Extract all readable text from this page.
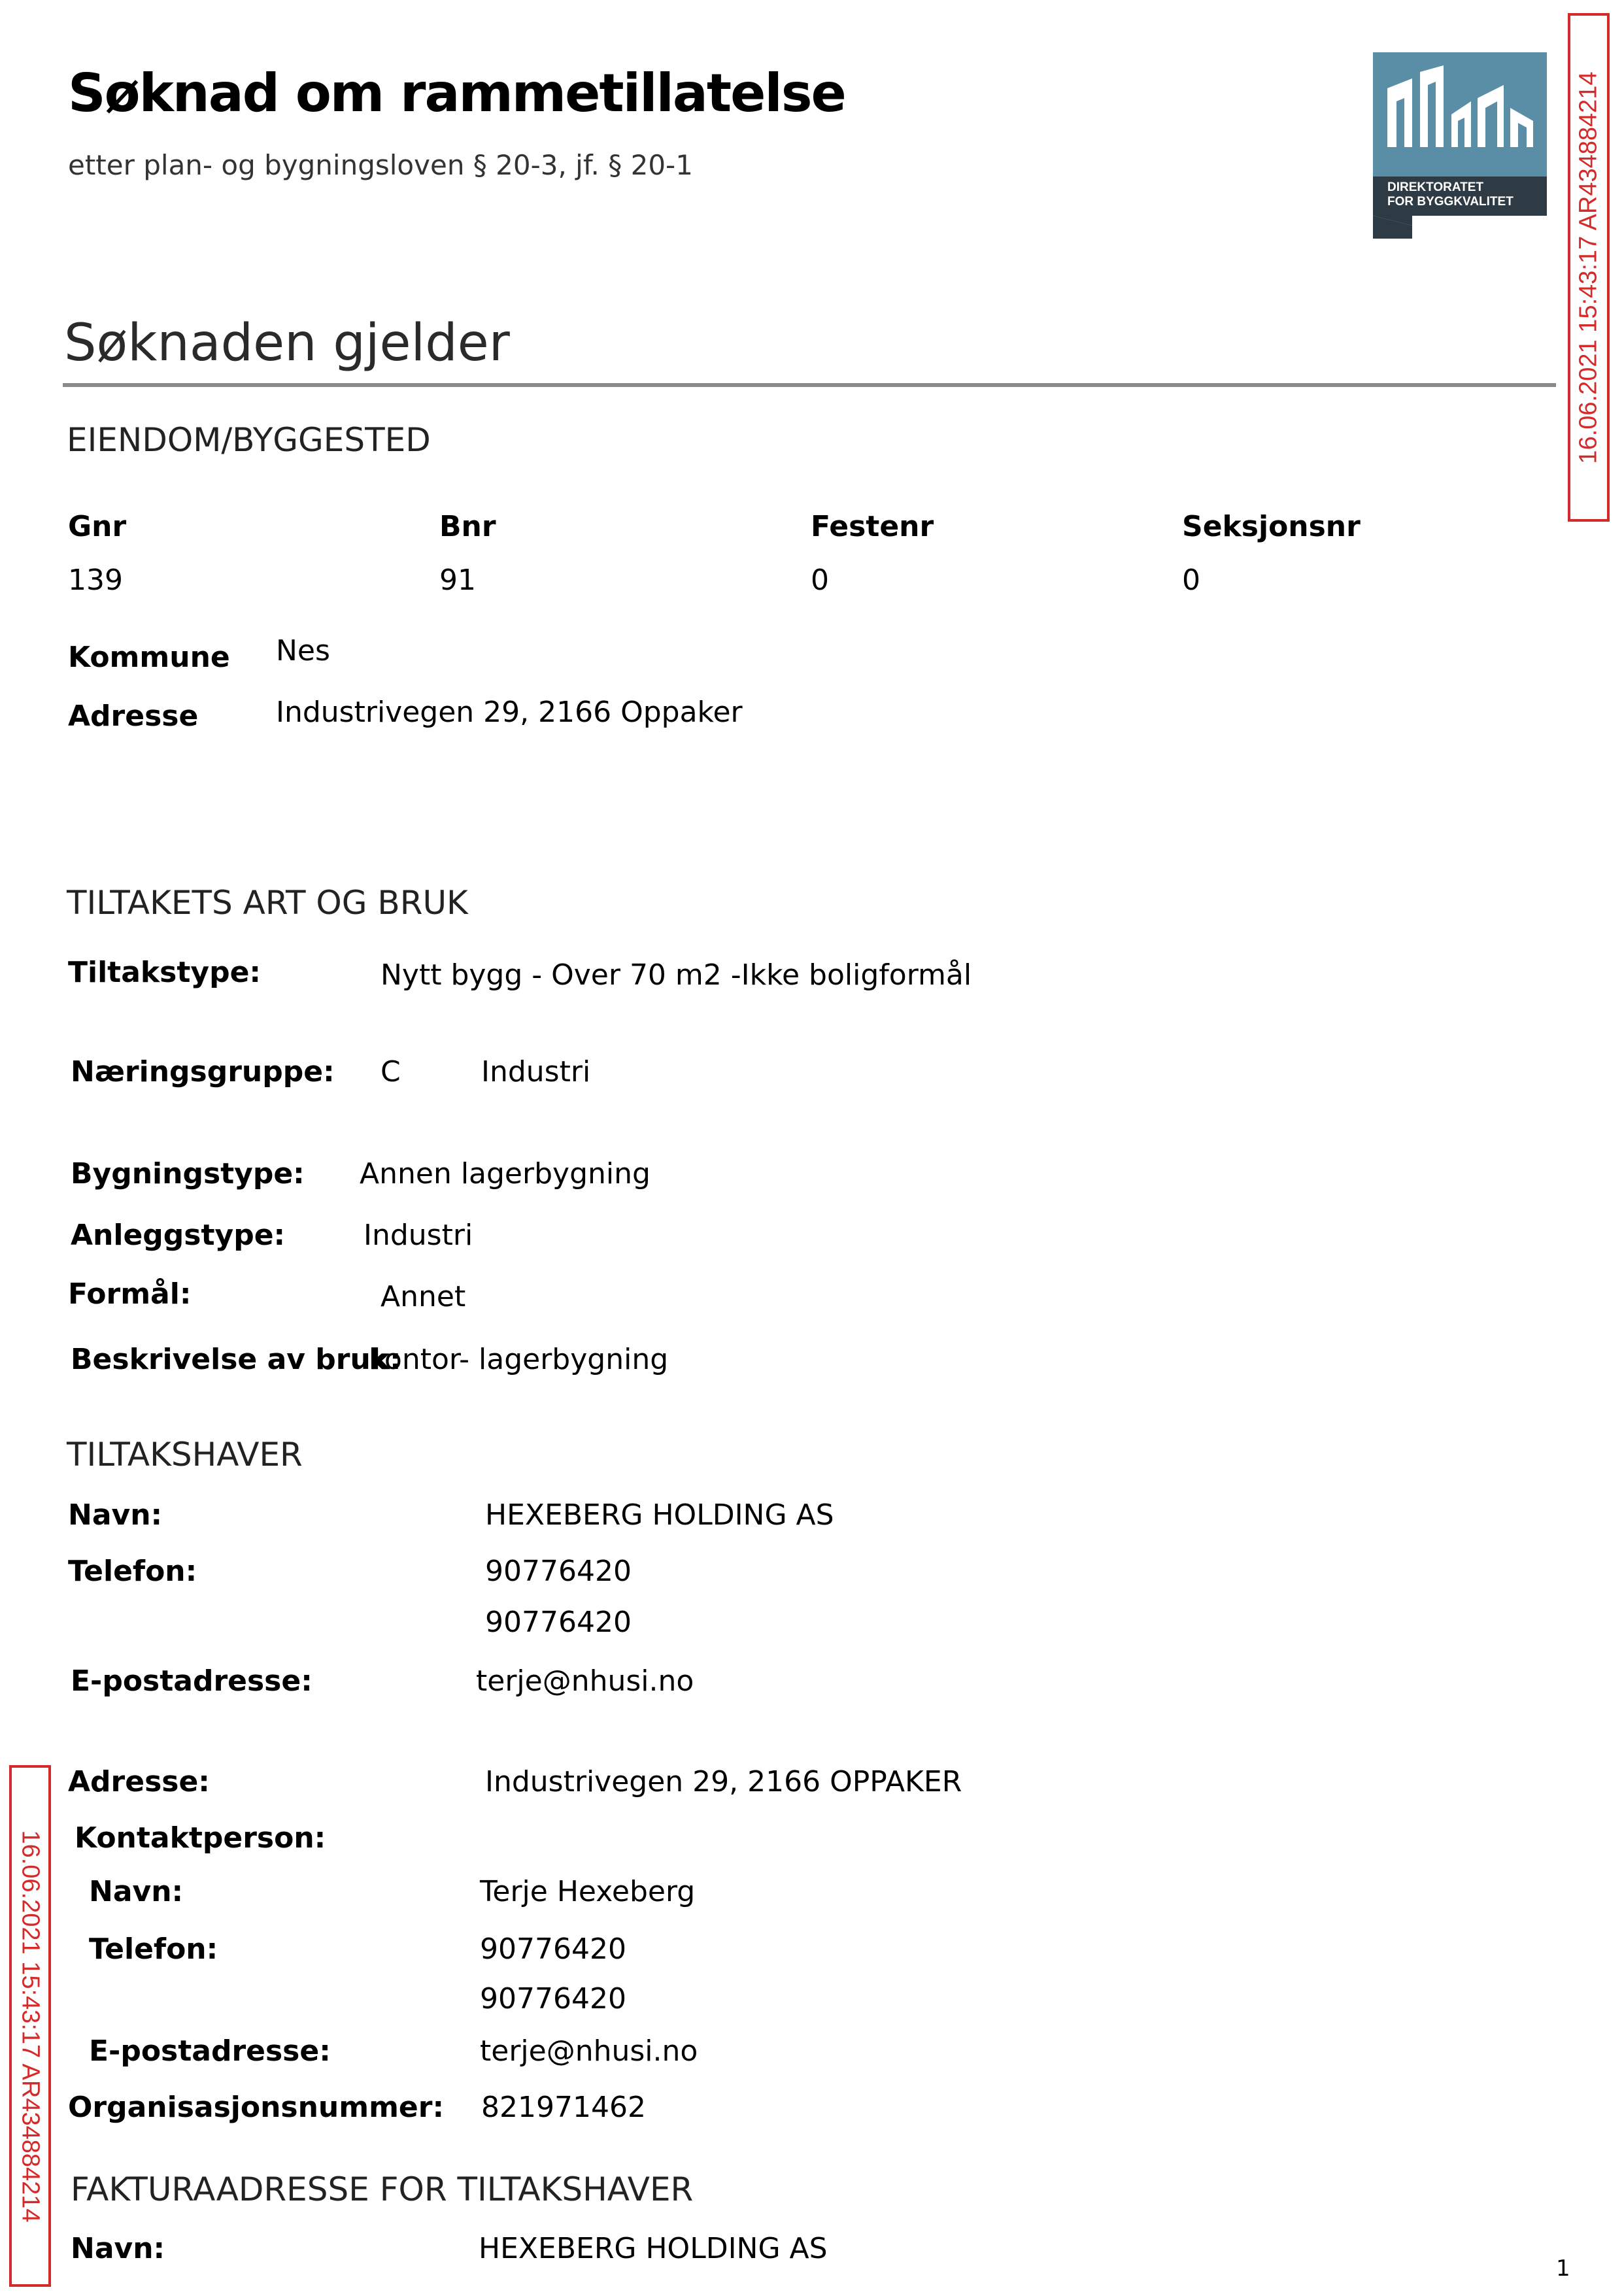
Søknad om rammetillatelse
etter plan- og bygningsloven § 20-3, jf. § 20-1
DIREKTORATET
FOR BYGGKVALITET 16.06.2021 15:43:17 AR434884214
16.06.2021 15:43:17 AR434884214
Søknaden gjelder
EIENDOM/BYGGESTED
Gnr	Bnr	Festenr	Seksjonsnr
139	91	0	0
Kommune Nes
Adresse	Industrivegen 29, 2166 Oppaker
TILTAKETS ART OG BRUK
Tiltakstype:	Nytt bygg - Over 70 m2 -Ikke boligformål
Næringsgruppe: C	Industri
Bygningstype: Annen lagerbygning
Anleggstype:	Industri
Formål:	Annet
Beskrivelse av bruk:
kontor- lagerbygning
TILTAKSHAVER
Navn:	HEXEBERG HOLDING AS
Telefon:	90776420
90776420
E-postadresse:	terje@nhusi.no
Adresse:	Industrivegen 29, 2166 OPPAKER
Kontaktperson:
Navn:	Terje Hexeberg
Telefon:	90776420
90776420
E-postadresse:	terje@nhusi.no
Organisasjonsnummer: 821971462
FAKTURAADRESSE FOR TILTAKSHAVER
Navn:	HEXEBERG HOLDING AS
1
